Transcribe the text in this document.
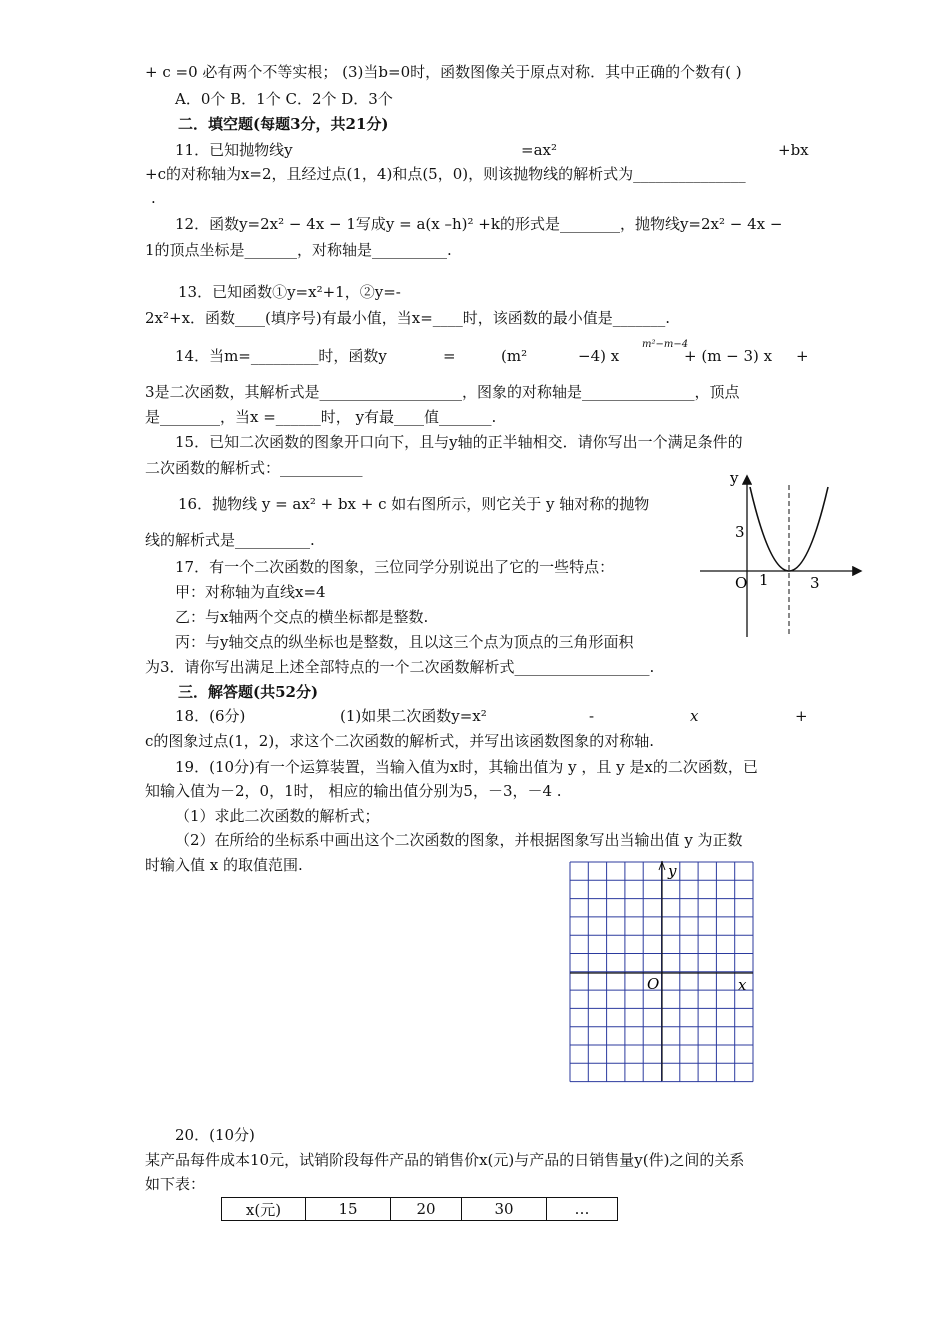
+ c =0 必有两个不等实根； (3)当b=0时，函数图像关于原点对称．其中正确的个数有( )
A．0个 B．1个 C．2个 D．3个
二．填空题(每题3分，共21分)
11．已知抛物线y	=ax²	+bx
+c的对称轴为x=2，且经过点(1，4)和点(5，0)，则该抛物线的解析式为_______________
.
12．函数y=2x² − 4x − 1写成y = a(x –h)² +k的形式是________，抛物线y=2x² − 4x −
1的顶点坐标是_______，对称轴是__________.
13．已知函数①y=x²+1，②y=-
2x²+x．函数____(填序号)有最小值，当x=____时，该函数的最小值是_______.
14．当m=_________时，函数y	=	(m²	−4) x
m²−m−4
+ (m − 3) x +
3是二次函数，其解析式是___________________，图象的对称轴是_______________，顶点
是________，当x =______时， y有最____值_______.
15．已知二次函数的图象开口向下，且与y轴的正半轴相交．请你写出一个满足条件的
二次函数的解析式：___________
16．抛物线 y = ax² + bx + c 如右图所示，则它关于 y 轴对称的抛物
线的解析式是__________.
17．有一个二次函数的图象，三位同学分别说出了它的一些特点：
甲：对称轴为直线x=4
乙：与x轴两个交点的横坐标都是整数.
丙：与y轴交点的纵坐标也是整数，且以这三个点为顶点的三角形面积
为3．请你写出满足上述全部特点的一个二次函数解析式__________________.
三．解答题(共52分)
18．(6分)	(1)如果二次函数y=x²	-	x	+
c的图象过点(1，2)，求这个二次函数的解析式，并写出该函数图象的对称轴.
19．(10分)有一个运算装置，当输入值为x时，其输出值为 y ，且 y 是x的二次函数，已
知输入值为－2，0，1时， 相应的输出值分别为5，－3，－4 .
（1）求此二次函数的解析式；
（2）在所给的坐标系中画出这个二次函数的图象，并根据图象写出当输出值 y 为正数
时输入值 x 的取值范围.
20．(10分)
某产品每件成本10元，试销阶段每件产品的销售价x(元)与产品的日销售量y(件)之间的关系
如下表：
y
3
O 1	3
y
x
O
x(元)	15	20	30	…
